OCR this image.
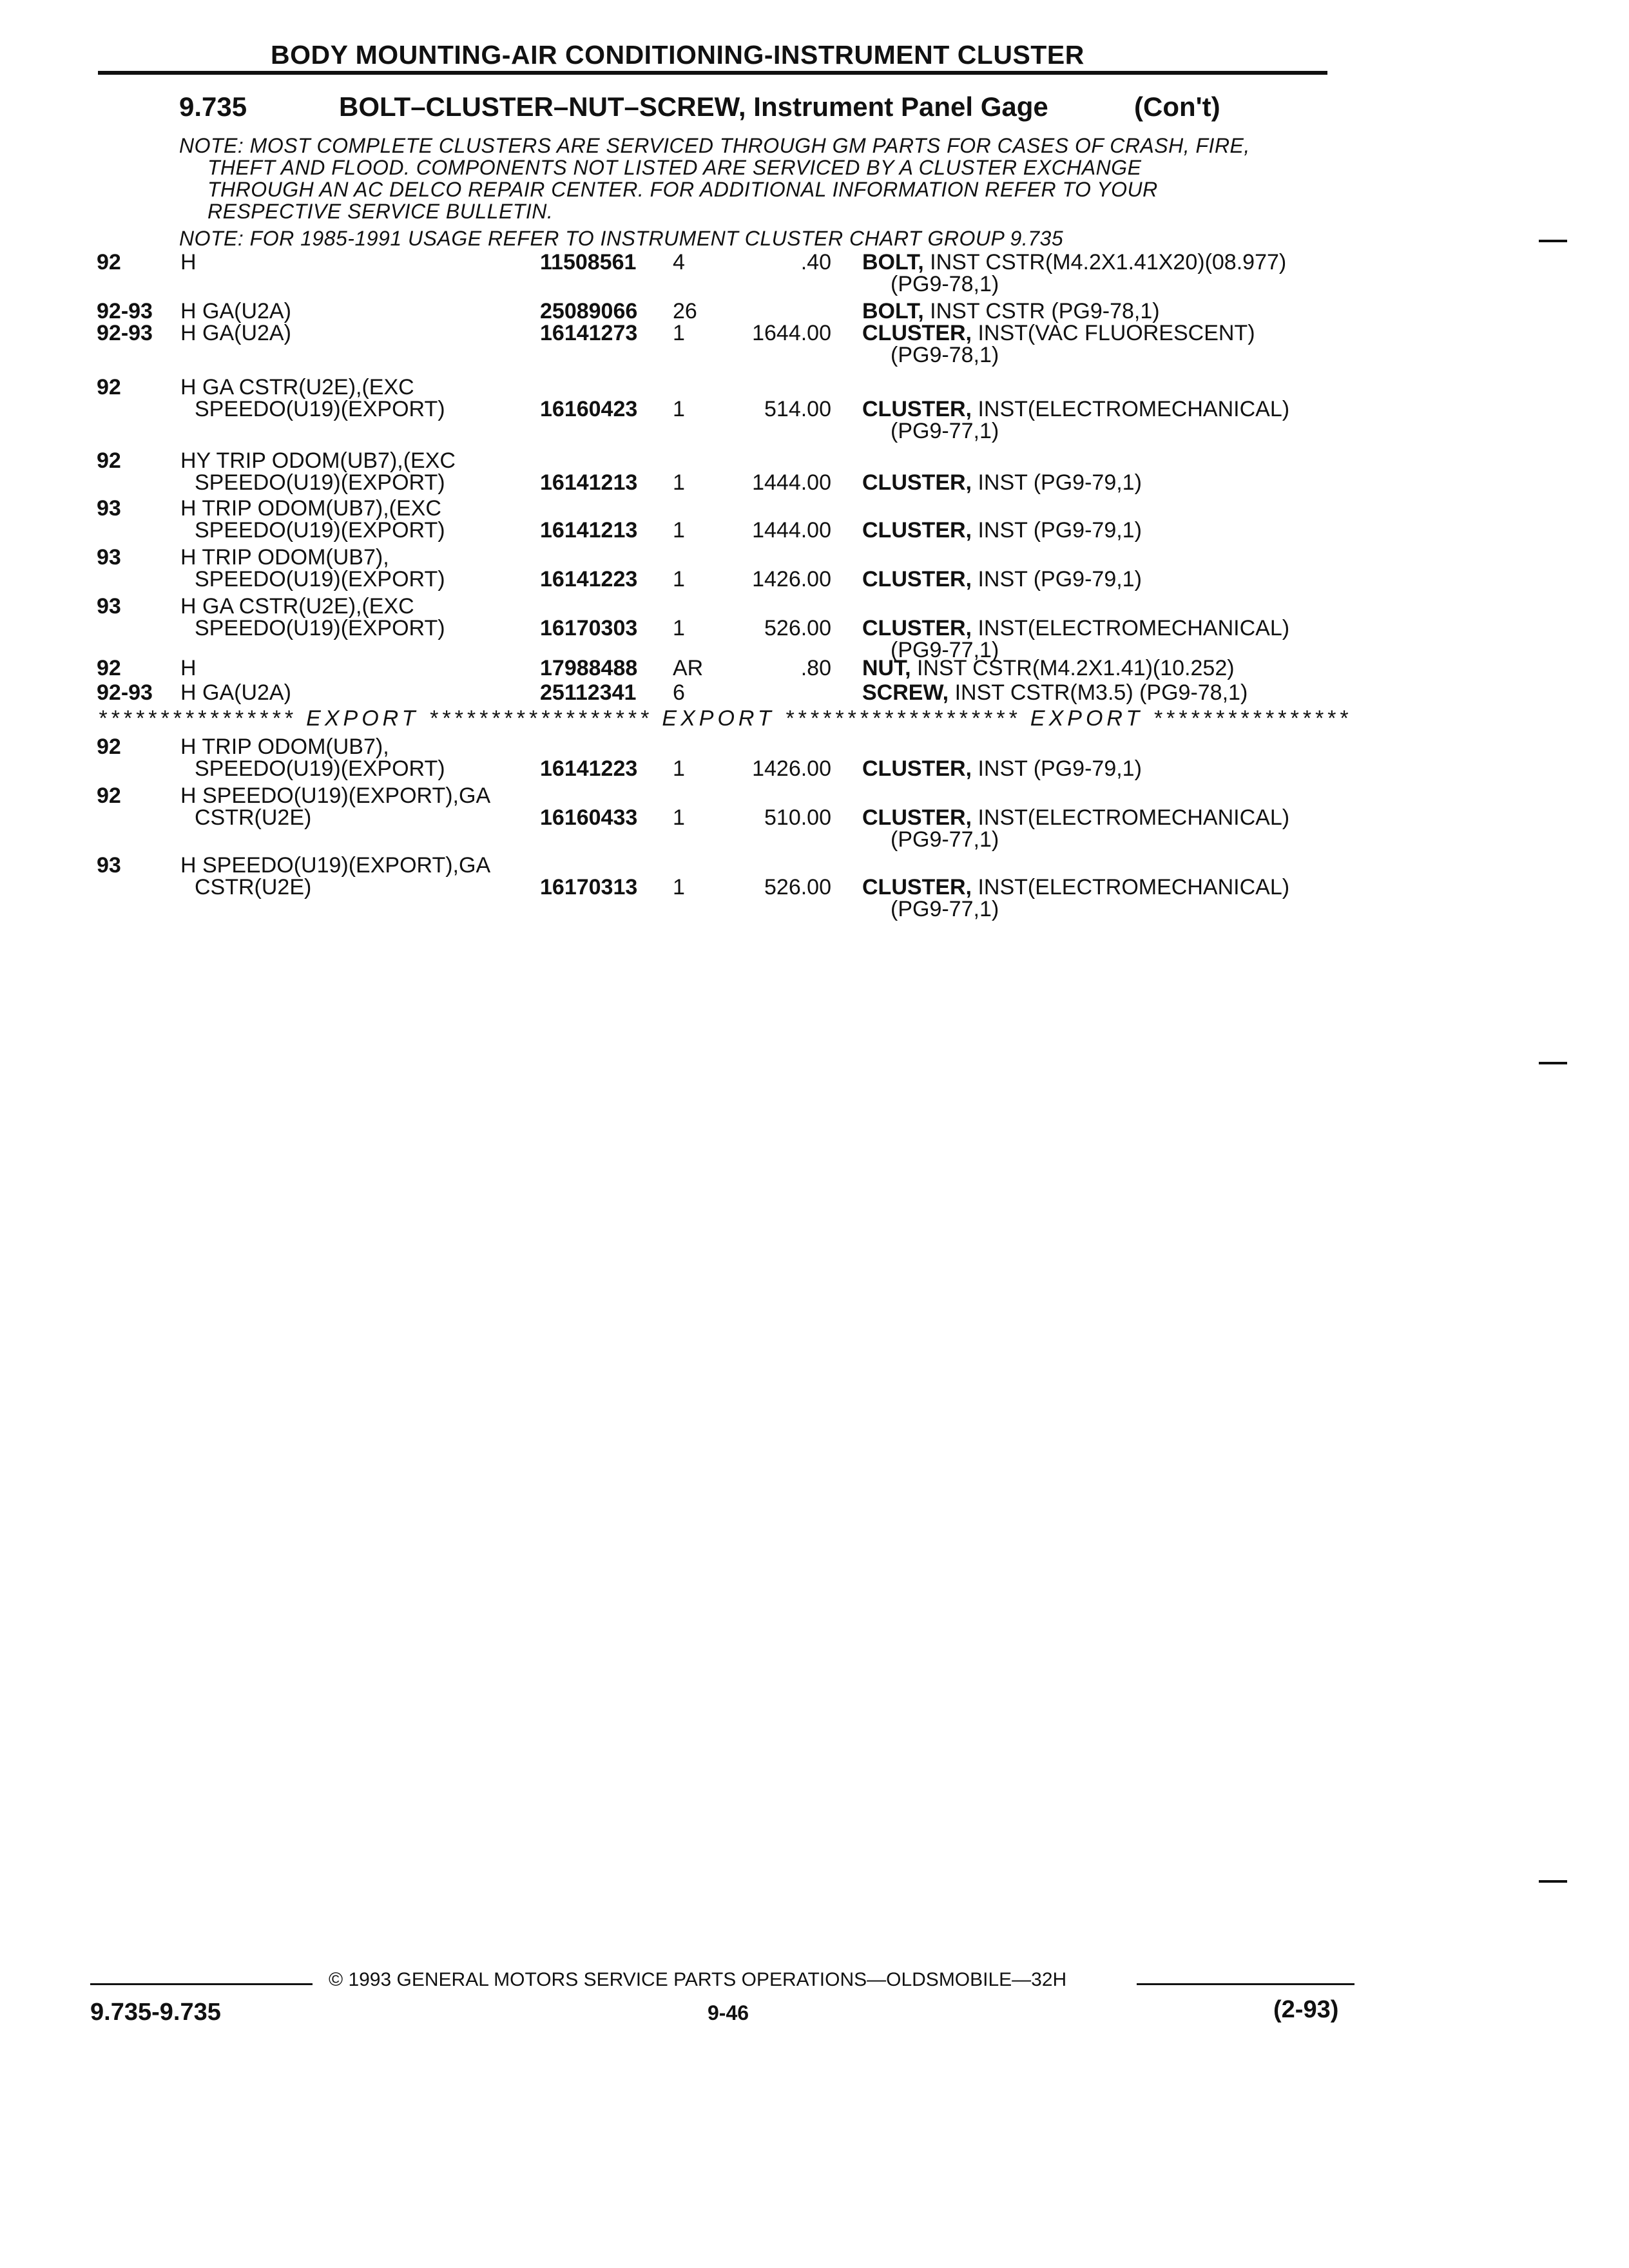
BODY MOUNTING-AIR CONDITIONING-INSTRUMENT CLUSTER
9.735	BOLT–CLUSTER–NUT–SCREW, Instrument Panel Gage	(Con't)
NOTE: MOST COMPLETE CLUSTERS ARE SERVICED THROUGH GM PARTS FOR CASES OF CRASH, FIRE,
THEFT AND FLOOD. COMPONENTS NOT LISTED ARE SERVICED BY A CLUSTER EXCHANGE
THROUGH AN AC DELCO REPAIR CENTER. FOR ADDITIONAL INFORMATION REFER TO YOUR
RESPECTIVE SERVICE BULLETIN.
NOTE: FOR 1985-1991 USAGE REFER TO INSTRUMENT CLUSTER CHART GROUP 9.735
92	H	11508561 4	.40 BOLT, INST CSTR(M4.2X1.41X20)(08.977)
(PG9-78,1)
92-93 H GA(U2A)	25089066 26	BOLT, INST CSTR (PG9-78,1)
92-93 H GA(U2A)	16141273 1	1644.00 CLUSTER, INST(VAC FLUORESCENT)
(PG9-78,1)
92	H GA CSTR(U2E),(EXC
SPEEDO(U19)(EXPORT)	16160423 1	514.00 CLUSTER, INST(ELECTROMECHANICAL)
(PG9-77,1)
92	HY TRIP ODOM(UB7),(EXC
SPEEDO(U19)(EXPORT)	16141213 1	1444.00 CLUSTER, INST (PG9-79,1)
93	H TRIP ODOM(UB7),(EXC
SPEEDO(U19)(EXPORT)	16141213 1	1444.00 CLUSTER, INST (PG9-79,1)
93	H TRIP ODOM(UB7),
SPEEDO(U19)(EXPORT)	16141223 1	1426.00 CLUSTER, INST (PG9-79,1)
93	H GA CSTR(U2E),(EXC
SPEEDO(U19)(EXPORT)	16170303 1	526.00 CLUSTER, INST(ELECTROMECHANICAL)
(PG9-77,1)
92	H	17988488 AR	.80 NUT, INST CSTR(M4.2X1.41)(10.252)
92-93 H GA(U2A)	25112341 6	SCREW, INST CSTR(M3.5) (PG9-78,1)
**************** EXPORT ****************** EXPORT ******************* EXPORT ****************
92	H TRIP ODOM(UB7),
SPEEDO(U19)(EXPORT)	16141223 1	1426.00 CLUSTER, INST (PG9-79,1)
92	H SPEEDO(U19)(EXPORT),GA
CSTR(U2E)	16160433 1	510.00 CLUSTER, INST(ELECTROMECHANICAL)
(PG9-77,1)
93	H SPEEDO(U19)(EXPORT),GA
CSTR(U2E)	16170313 1	526.00 CLUSTER, INST(ELECTROMECHANICAL)
(PG9-77,1)
© 1993 GENERAL MOTORS SERVICE PARTS OPERATIONS—OLDSMOBILE—32H
9.735-9.735	9-46	(2-93)
